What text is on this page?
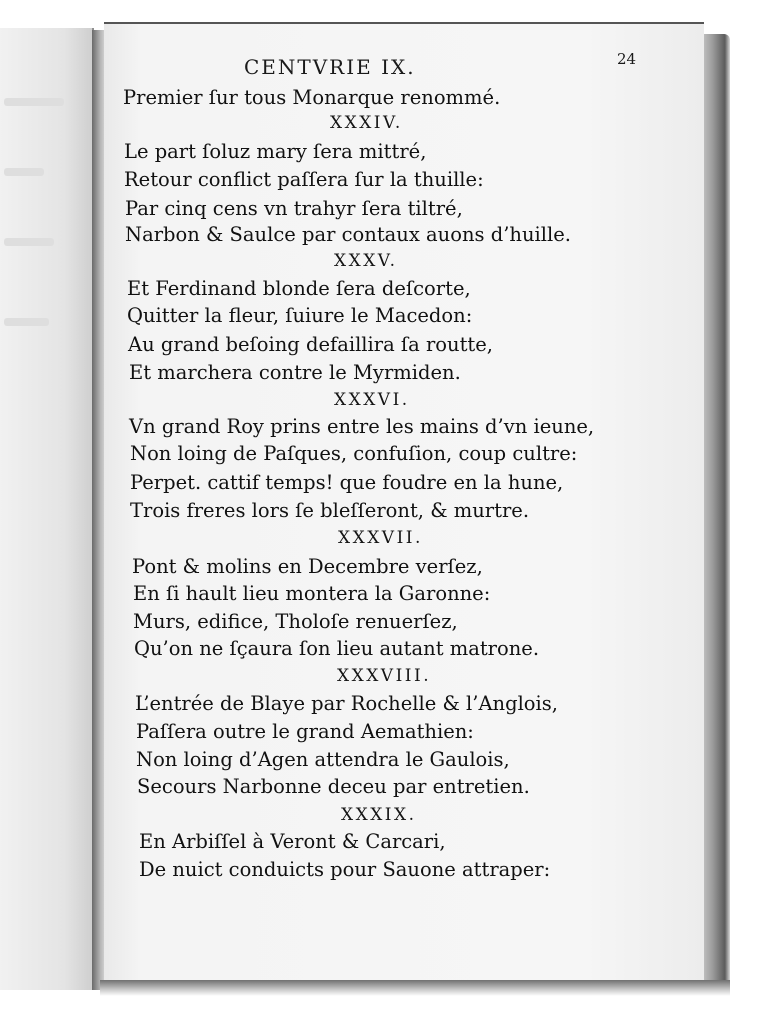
CENTVRIE IX.	24
Premier ſur tous Monarque renommé.
XXXIV.
Le part ſoluz mary ſera mittré,
Retour conflict paſſera ſur la thuille:
Par cinq cens vn trahyr ſera tiltré,
Narbon & Saulce par contaux auons d’huille.
XXXV.
Et Ferdinand blonde ſera deſcorte,
Quitter la fleur, ſuiure le Macedon:
Au grand beſoing defaillira ſa routte,
Et marchera contre le Myrmiden.
XXXVI.
Vn grand Roy prins entre les mains d’vn ieune,
Non loing de Paſques, confuſion, coup cultre:
Perpet. cattif temps! que foudre en la hune,
Trois freres lors ſe bleſſeront, & murtre.
XXXVII.
Pont & molins en Decembre verſez,
En ſi hault lieu montera la Garonne:
Murs, edifice, Tholoſe renuerſez,
Qu’on ne ſçaura ſon lieu autant matrone.
XXXVIII.
L’entrée de Blaye par Rochelle & l’Anglois,
Paſſera outre le grand Aemathien:
Non loing d’Agen attendra le Gaulois,
Secours Narbonne deceu par entretien.
XXXIX.
En Arbiſſel à Veront & Carcari,
De nuict conduicts pour Sauone attraper:
